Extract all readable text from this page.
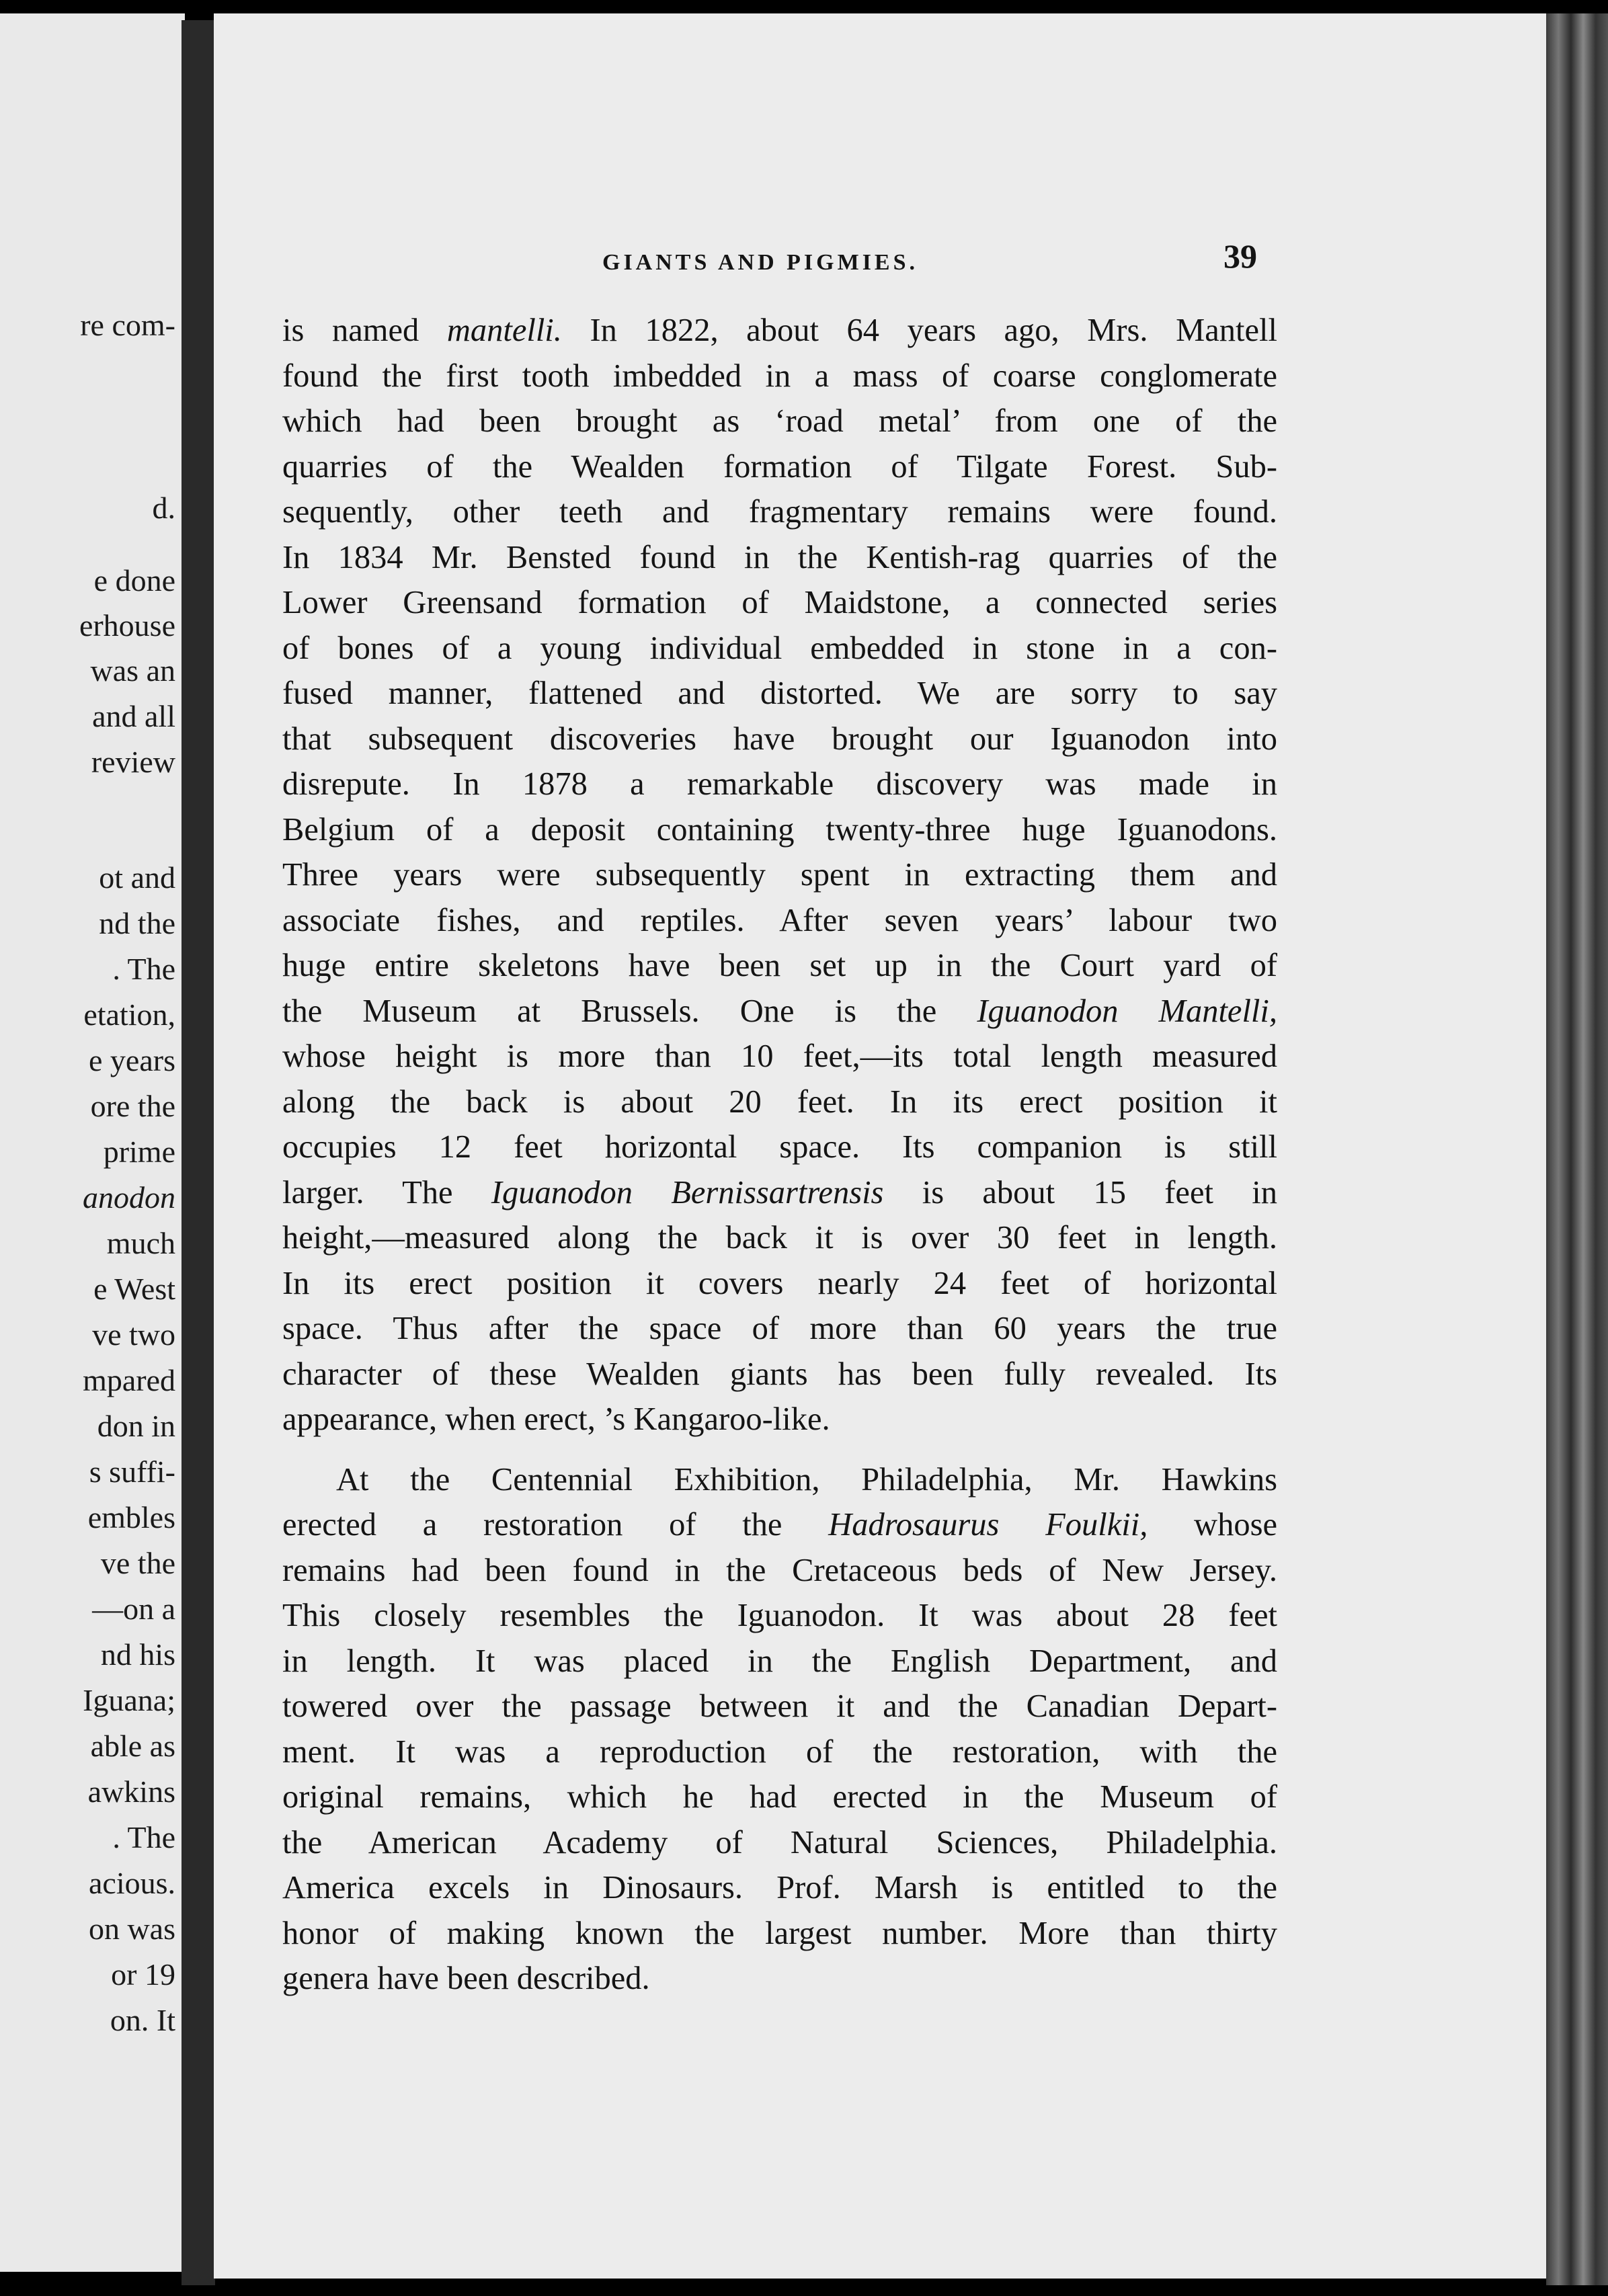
re com-
d.
e done
erhouse
was an
and all
review
ot and
nd the
. The
etation,
e years
ore the
prime
anodon
much
e West
ve two
mpared
don in
s suffi-
embles
ve the
—on a
nd his
Iguana;
able as
awkins
. The
acious.
on was
or 19
on. It
GIANTS AND PIGMIES.	39
is named mantelli. In 1822, about 64 years ago, Mrs. Mantell
found the first tooth imbedded in a mass of coarse conglomerate
which had been brought as ‘road metal’ from one of the
quarries of the Wealden formation of Tilgate Forest. Sub-
sequently, other teeth and fragmentary remains were found.
In 1834 Mr. Bensted found in the Kentish-rag quarries of the
Lower Greensand formation of Maidstone, a connected series
of bones of a young individual embedded in stone in a con-
fused manner, flattened and distorted. We are sorry to say
that subsequent discoveries have brought our Iguanodon into
disrepute. In 1878 a remarkable discovery was made in
Belgium of a deposit containing twenty-three huge Iguanodons.
Three years were subsequently spent in extracting them and
associate fishes, and reptiles. After seven years’ labour two
huge entire skeletons have been set up in the Court yard of
the Museum at Brussels. One is the Iguanodon Mantelli,
whose height is more than 10 feet,—its total length measured
along the back is about 20 feet. In its erect position it
occupies 12 feet horizontal space. Its companion is still
larger. The Iguanodon Bernissartrensis is about 15 feet in
height,—measured along the back it is over 30 feet in length.
In its erect position it covers nearly 24 feet of horizontal
space. Thus after the space of more than 60 years the true
character of these Wealden giants has been fully revealed. Its
appearance, when erect, ’s Kangaroo-like.
At the Centennial Exhibition, Philadelphia, Mr. Hawkins
erected a restoration of the Hadrosaurus Foulkii, whose
remains had been found in the Cretaceous beds of New Jersey.
This closely resembles the Iguanodon. It was about 28 feet
in length. It was placed in the English Department, and
towered over the passage between it and the Canadian Depart-
ment. It was a reproduction of the restoration, with the
original remains, which he had erected in the Museum of
the American Academy of Natural Sciences, Philadelphia.
America excels in Dinosaurs. Prof. Marsh is entitled to the
honor of making known the largest number. More than thirty
genera have been described.
